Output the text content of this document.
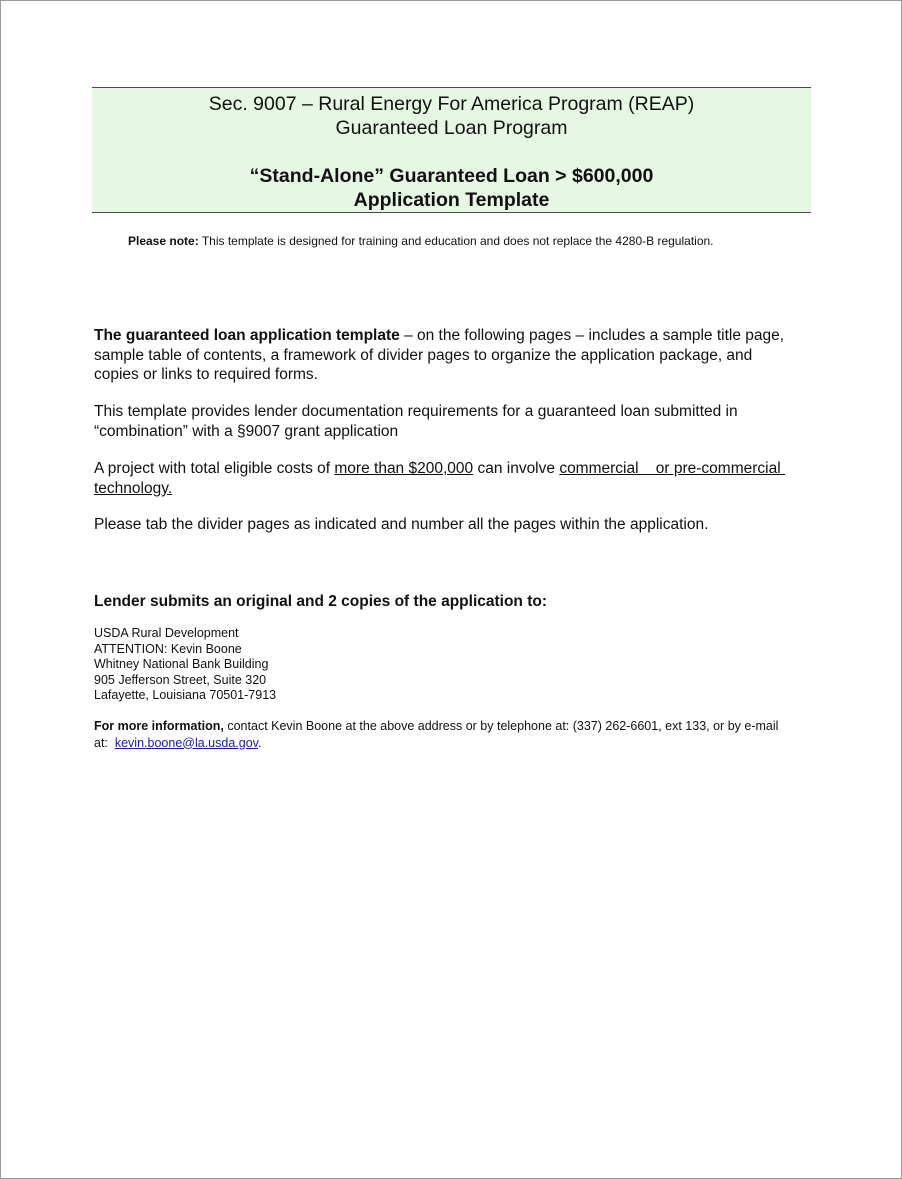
Sec. 9007 – Rural Energy For America Program (REAP)
Guaranteed Loan Program
“Stand-Alone” Guaranteed Loan > $600,000
Application Template
Please note: This template is designed for training and education and does not replace the 4280-B regulation.
The guaranteed loan application template – on the following pages – includes a sample title page, sample table of contents, a framework of divider pages to organize the application package, and copies or links to required forms.
This template provides lender documentation requirements for a guaranteed loan submitted in “combination” with a §9007 grant application
A project with total eligible costs of more than $200,000 can involve commercial    or pre-commercial technology.
Please tab the divider pages as indicated and number all the pages within the application.
Lender submits an original and 2 copies of the application to:
USDA Rural Development
ATTENTION: Kevin Boone
Whitney National Bank Building
905 Jefferson Street, Suite 320
Lafayette, Louisiana 70501-7913
For more information, contact Kevin Boone at the above address or by telephone at: (337) 262-6601, ext 133, or by e-mail at: kevin.boone@la.usda.gov.
